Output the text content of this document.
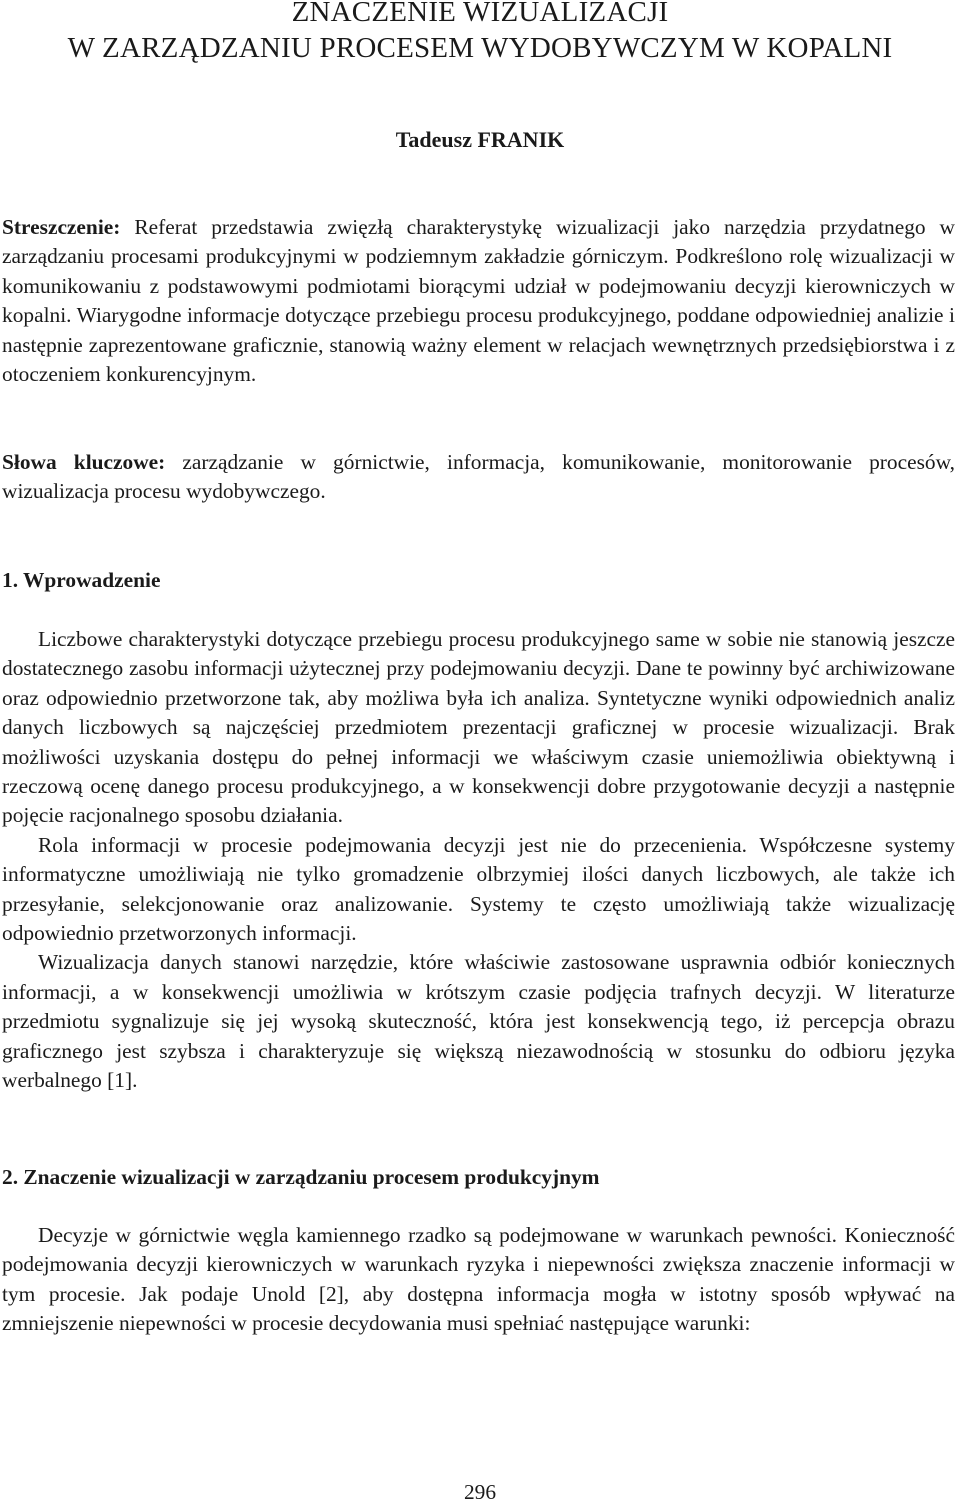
ZNACZENIE WIZUALIZACJI
W ZARZĄDZANIU PROCESEM WYDOBYWCZYM W KOPALNI
Tadeusz FRANIK

Streszczenie: Referat przedstawia zwięzłą charakterystykę wizualizacji jako narzędzia przydatnego w zarządzaniu procesami produkcyjnymi w podziemnym zakładzie górniczym. Podkreślono rolę wizualizacji w komunikowaniu z podstawowymi podmiotami biorącymi udział w podejmowaniu decyzji kierowniczych w kopalni. Wiarygodne informacje dotyczące przebiegu procesu produkcyjnego, poddane odpowiedniej analizie i następnie zaprezentowane graficznie, stanowią ważny element w relacjach wewnętrznych przedsiębiorstwa i z otoczeniem konkurencyjnym.

Słowa kluczowe: zarządzanie w górnictwie, informacja, komunikowanie, monitorowanie procesów, wizualizacja procesu wydobywczego.

1. Wprowadzenie

Liczbowe charakterystyki dotyczące przebiegu procesu produkcyjnego same w sobie nie stanowią jeszcze dostatecznego zasobu informacji użytecznej przy podejmowaniu decyzji. Dane te powinny być archiwizowane oraz odpowiednio przetworzone tak, aby możliwa była ich analiza. Syntetyczne wyniki odpowiednich analiz danych liczbowych są najczęściej przedmiotem prezentacji graficznej w procesie wizualizacji. Brak możliwości uzyskania dostępu do pełnej informacji we właściwym czasie uniemożliwia obiektywną i rzeczową ocenę danego procesu produkcyjnego, a w konsekwencji dobre przygotowanie decyzji a następnie pojęcie racjonalnego sposobu działania.

Rola informacji w procesie podejmowania decyzji jest nie do przecenienia. Współczesne systemy informatyczne umożliwiają nie tylko gromadzenie olbrzymiej ilości danych liczbowych, ale także ich przesyłanie, selekcjonowanie oraz analizowanie. Systemy te często umożliwiają także wizualizację odpowiednio przetworzonych informacji.

Wizualizacja danych stanowi narzędzie, które właściwie zastosowane usprawnia odbiór koniecznych informacji, a w konsekwencji umożliwia w krótszym czasie podjęcia trafnych decyzji. W literaturze przedmiotu sygnalizuje się jej wysoką skuteczność, która jest konsekwencją tego, iż percepcja obrazu graficznego jest szybsza i charakteryzuje się większą niezawodnością w stosunku do odbioru języka werbalnego [1].

2. Znaczenie wizualizacji w zarządzaniu procesem produkcyjnym

Decyzje w górnictwie węgla kamiennego rzadko są podejmowane w warunkach pewności. Konieczność podejmowania decyzji kierowniczych w warunkach ryzyka i niepewności zwiększa znaczenie informacji w tym procesie. Jak podaje Unold [2], aby dostępna informacja mogła w istotny sposób wpływać na zmniejszenie niepewności w procesie decydowania musi spełniać następujące warunki:

296
